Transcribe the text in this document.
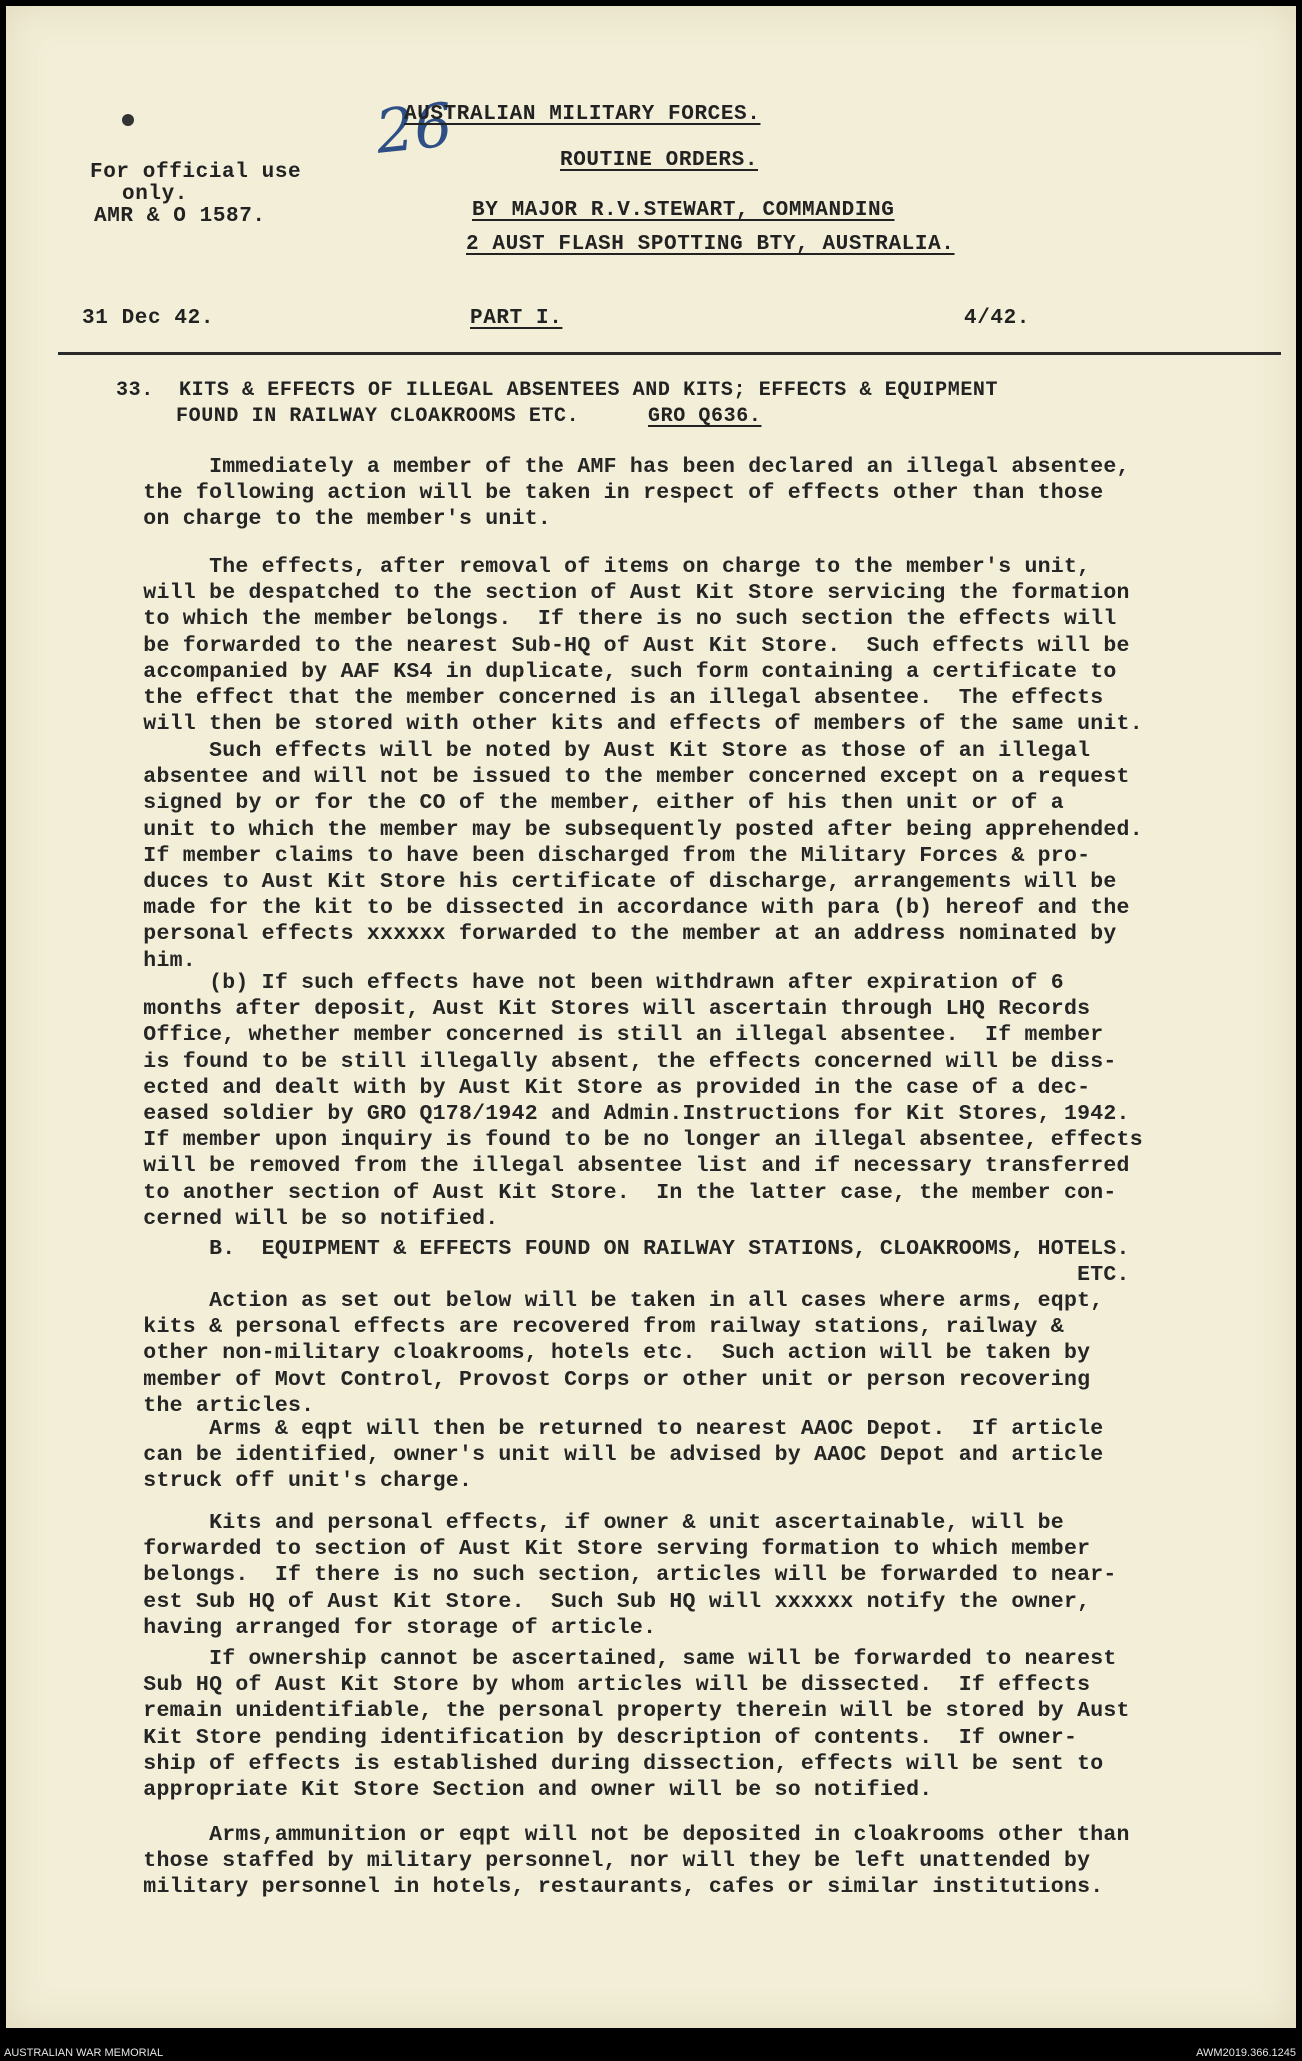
26
AUSTRALIAN MILITARY FORCES.
ROUTINE ORDERS.
BY MAJOR R.V.STEWART, COMMANDING
2 AUST FLASH SPOTTING BTY, AUSTRALIA.
For official use
only.
AMR & O 1587.
31 Dec 42.	PART I.	4/42.
33.  KITS & EFFECTS OF ILLEGAL ABSENTEES AND KITS; EFFECTS & EQUIPMENT
FOUND IN RAILWAY CLOAKROOMS ETC.	GRO Q636.
Immediately a member of the AMF has been declared an illegal absentee,
the following action will be taken in respect of effects other than those
on charge to the member's unit.
The effects, after removal of items on charge to the member's unit,
will be despatched to the section of Aust Kit Store servicing the formation
to which the member belongs.  If there is no such section the effects will
be forwarded to the nearest Sub-HQ of Aust Kit Store.  Such effects will be
accompanied by AAF KS4 in duplicate, such form containing a certificate to
the effect that the member concerned is an illegal absentee.  The effects
will then be stored with other kits and effects of members of the same unit.
Such effects will be noted by Aust Kit Store as those of an illegal
absentee and will not be issued to the member concerned except on a request
signed by or for the CO of the member, either of his then unit or of a
unit to which the member may be subsequently posted after being apprehended.
If member claims to have been discharged from the Military Forces & pro-
duces to Aust Kit Store his certificate of discharge, arrangements will be
made for the kit to be dissected in accordance with para (b) hereof and the
personal effects xxxxxx forwarded to the member at an address nominated by
him.
(b) If such effects have not been withdrawn after expiration of 6
months after deposit, Aust Kit Stores will ascertain through LHQ Records
Office, whether member concerned is still an illegal absentee.  If member
is found to be still illegally absent, the effects concerned will be diss-
ected and dealt with by Aust Kit Store as provided in the case of a dec-
eased soldier by GRO Q178/1942 and Admin.Instructions for Kit Stores, 1942.
If member upon inquiry is found to be no longer an illegal absentee, effects
will be removed from the illegal absentee list and if necessary transferred
to another section of Aust Kit Store.  In the latter case, the member con-
cerned will be so notified.
B.  EQUIPMENT & EFFECTS FOUND ON RAILWAY STATIONS, CLOAKROOMS, HOTELS.
ETC.
Action as set out below will be taken in all cases where arms, eqpt,
kits & personal effects are recovered from railway stations, railway &
other non-military cloakrooms, hotels etc.  Such action will be taken by
member of Movt Control, Provost Corps or other unit or person recovering
the articles.
Arms & eqpt will then be returned to nearest AAOC Depot.  If article
can be identified, owner's unit will be advised by AAOC Depot and article
struck off unit's charge.
Kits and personal effects, if owner & unit ascertainable, will be
forwarded to section of Aust Kit Store serving formation to which member
belongs.  If there is no such section, articles will be forwarded to near-
est Sub HQ of Aust Kit Store.  Such Sub HQ will xxxxxx notify the owner,
having arranged for storage of article.
If ownership cannot be ascertained, same will be forwarded to nearest
Sub HQ of Aust Kit Store by whom articles will be dissected.  If effects
remain unidentifiable, the personal property therein will be stored by Aust
Kit Store pending identification by description of contents.  If owner-
ship of effects is established during dissection, effects will be sent to
appropriate Kit Store Section and owner will be so notified.
Arms,ammunition or eqpt will not be deposited in cloakrooms other than
those staffed by military personnel, nor will they be left unattended by
military personnel in hotels, restaurants, cafes or similar institutions.
AUSTRALIAN WAR MEMORIAL	AWM2019.366.1245
